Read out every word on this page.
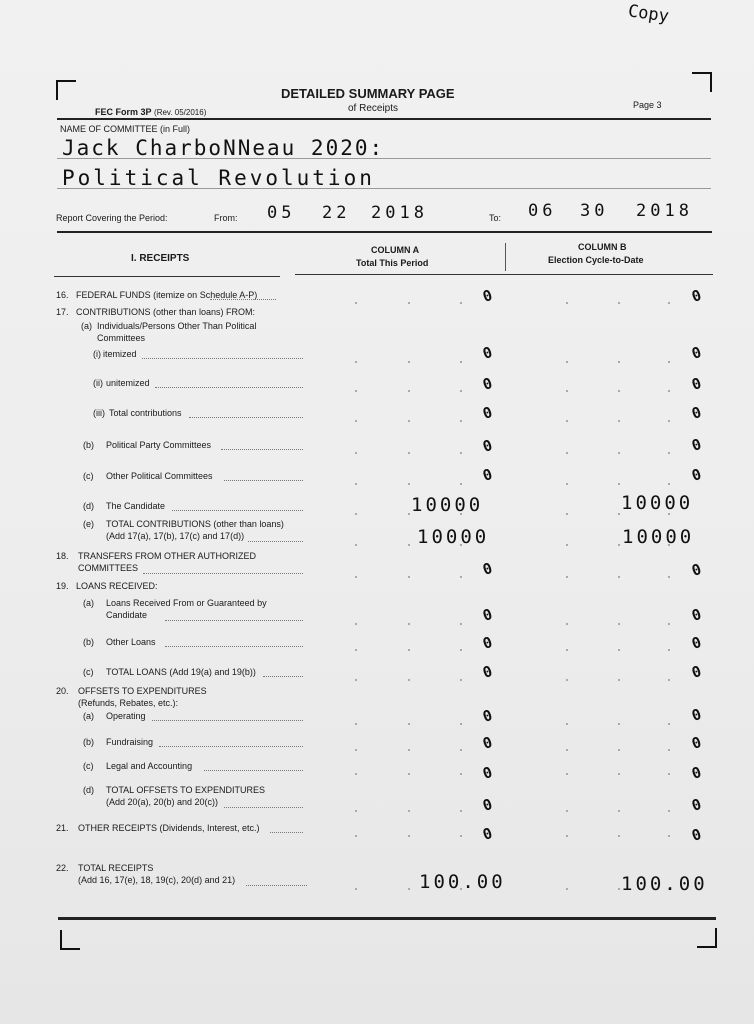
Copy
FEC Form 3P (Rev. 05/2016)
DETAILED SUMMARY PAGE
of Receipts	Page 3
NAME OF COMMITTEE (in Full)
Jack CharboNNeau 2020:
Political Revolution
Report Covering the Period:	From: 05 22 2018	To: 06 30 2018
I. RECEIPTS
COLUMN A
Total This Period
COLUMN B
Election Cycle-to-Date
16. FEDERAL FUNDS (itemize on Schedule A-P)	0	0
17. CONTRIBUTIONS (other than loans) FROM:
(a) Individuals/Persons Other Than Political
Committees
(i) itemized	0	0
(ii) unitemized	0	0
(iii) Total contributions	0	0
(b) Political Party Committees	0	0
(c) Other Political Committees	0	0
(d) The Candidate	10000	10000
(e) TOTAL CONTRIBUTIONS (other than loans)
(Add 17(a), 17(b), 17(c) and 17(d))	10000	10000
18. TRANSFERS FROM OTHER AUTHORIZED
COMMITTEES	0	0
19. LOANS RECEIVED:
(a) Loans Received From or Guaranteed by
Candidate	0	0
(b) Other Loans	0	0
(c) TOTAL LOANS (Add 19(a) and 19(b))	0	0
20. OFFSETS TO EXPENDITURES
(Refunds, Rebates, etc.):
(a) Operating	0	0
(b) Fundraising	0	0
(c) Legal and Accounting	0	0
(d) TOTAL OFFSETS TO EXPENDITURES
(Add 20(a), 20(b) and 20(c))	0	0
21. OTHER RECEIPTS (Dividends, Interest, etc.)	0	0
22. TOTAL RECEIPTS
(Add 16, 17(e), 18, 19(c), 20(d) and 21)	100.00	100.00
